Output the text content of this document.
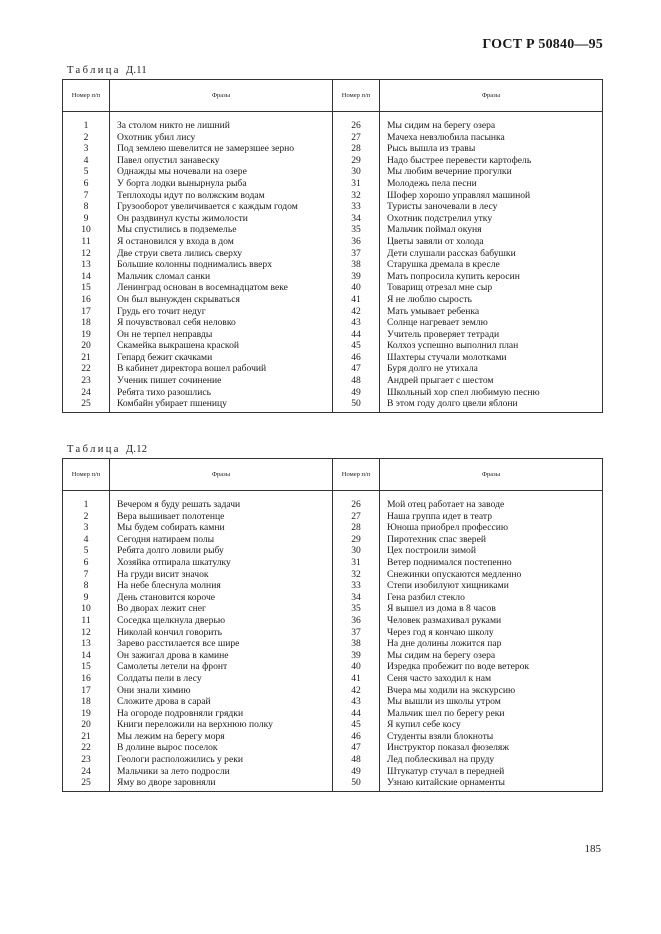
ГОСТ Р 50840—95
Таблица Д.11
Номер п/п	Фразы	Номер п/п	Фразы

1	За столом никто не лишний	26	Мы сидим на берегу озера
2	Охотник убил лису	27	Мачеха невзлюбила пасынка
3	Под землею шевелится не замерзшее зерно	28	Рысь вышла из травы
4	Павел опустил занавеску	29	Надо быстрее перевести картофель
5	Однажды мы ночевали на озере	30	Мы любим вечерние прогулки
6	У борта лодки вынырнула рыба	31	Молодежь пела песни
7	Теплоходы идут по волжским водам	32	Шофер хорошо управлял машиной
8	Грузооборот увеличивается с каждым годом	33	Туристы заночевали в лесу
9	Он раздвинул кусты жимолости	34	Охотник подстрелил утку
10	Мы спустились в подземелье	35	Мальчик поймал окуня
11	Я остановился у входа в дом	36	Цветы завяли от холода
12	Две струи света лились сверху	37	Дети слушали рассказ бабушки
13	Большие колонны поднимались вверх	38	Старушка дремала в кресле
14	Мальчик сломал санки	39	Мать попросила купить керосин
15	Ленинград основан в восемнадцатом веке	40	Товарищ отрезал мне сыр
16	Он был вынужден скрываться	41	Я не люблю сырость
17	Грудь его точит недуг	42	Мать умывает ребенка
18	Я почувствовал себя неловко	43	Солнце нагревает землю
19	Он не терпел неправды	44	Учитель проверяет тетради
20	Скамейка выкрашена краской	45	Колхоз успешно выполнил план
21	Гепард бежит скачками	46	Шахтеры стучали молотками
22	В кабинет директора вошел рабочий	47	Буря долго не утихала
23	Ученик пишет сочинение	48	Андрей прыгает с шестом
24	Ребята тихо разошлись	49	Школьный хор спел любимую песню
25	Комбайн убирает пшеницу	50	В этом году долго цвели яблони
Таблица Д.12
Номер п/п	Фразы	Номер п/п	Фразы

1	Вечером я буду решать задачи	26	Мой отец работает на заводе
2	Вера вышивает полотенце	27	Наша группа идет в театр
3	Мы будем собирать камни	28	Юноша приобрел профессию
4	Сегодня натираем полы	29	Пиротехник спас зверей
5	Ребята долго ловили рыбу	30	Цех построили зимой
6	Хозяйка отпирала шкатулку	31	Ветер поднимался постепенно
7	На груди висит значок	32	Снежинки опускаются медленно
8	На небе блеснула молния	33	Степи изобилуют хищниками
9	День становится короче	34	Гена разбил стекло
10	Во дворах лежит снег	35	Я вышел из дома в 8 часов
11	Соседка щелкнула дверью	36	Человек размахивал руками
12	Николай кончил говорить	37	Через год я кончаю школу
13	Зарево расстилается все шире	38	На дне долины ложится пар
14	Он зажигал дрова в камине	39	Мы сидим на берегу озера
15	Самолеты летели на фронт	40	Изредка пробежит по воде ветерок
16	Солдаты пели в лесу	41	Сеня часто заходил к нам
17	Они знали химию	42	Вчера мы ходили на экскурсию
18	Сложите дрова в сарай	43	Мы вышли из школы утром
19	На огороде подровняли грядки	44	Мальчик шел по берегу реки
20	Книги переложили на верхнюю полку	45	Я купил себе косу
21	Мы лежим на берегу моря	46	Студенты взяли блокноты
22	В долине вырос поселок	47	Инструктор показал фюзеляж
23	Геологи расположились у реки	48	Лед поблескивал на пруду
24	Мальчики за лето подросли	49	Штукатур стучал в передней
25	Яму во дворе заровняли	50	Узнаю китайские орнаменты
185
